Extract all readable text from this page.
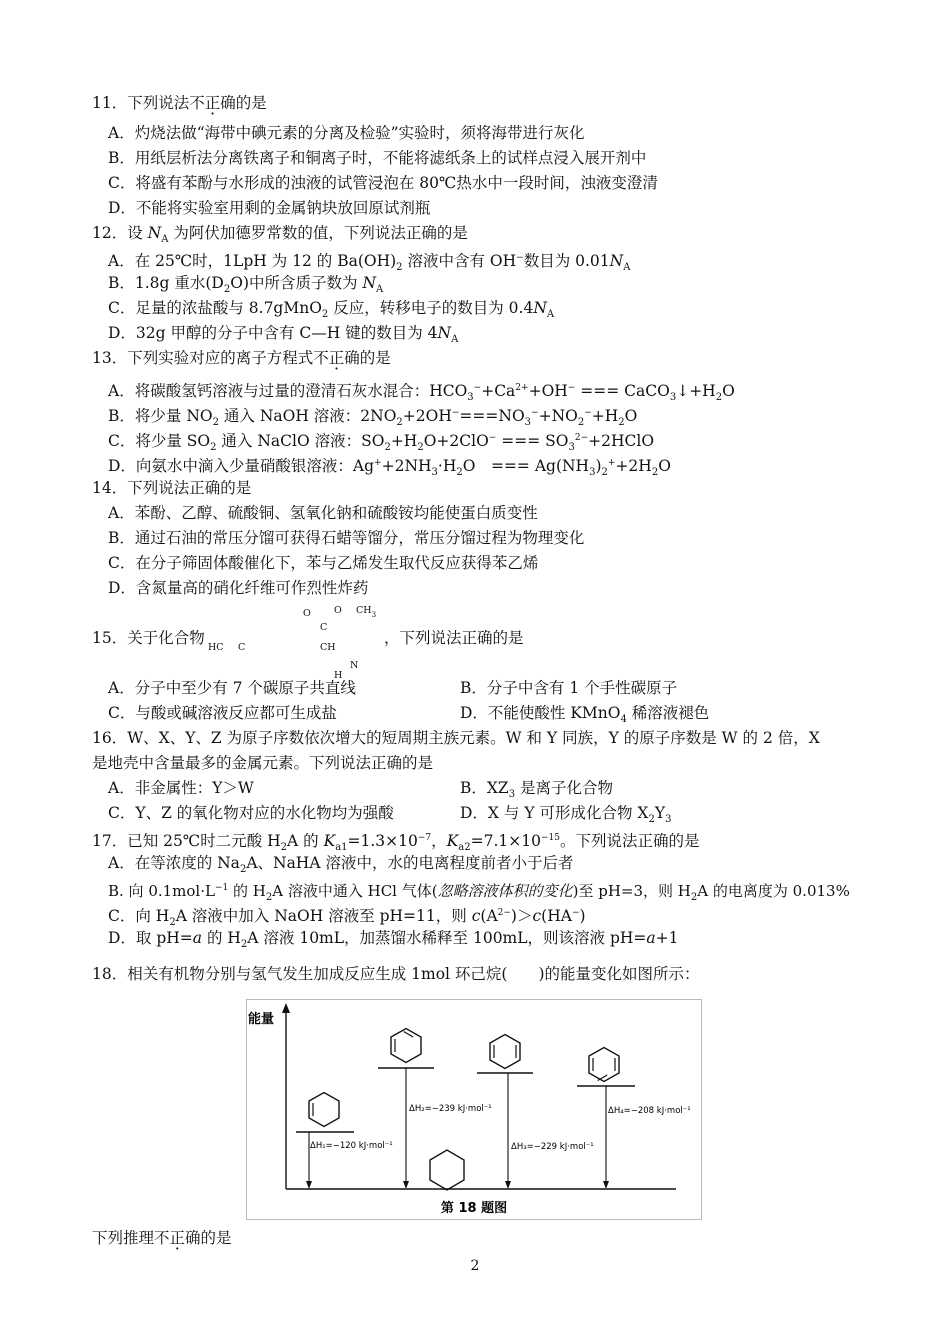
11．下列说法不正确的是
A．灼烧法做“海带中碘元素的分离及检验”实验时，须将海带进行灰化
B．用纸层析法分离铁离子和铜离子时，不能将滤纸条上的试样点浸入展开剂中
C．将盛有苯酚与水形成的浊液的试管浸泡在 80℃热水中一段时间，浊液变澄清
D．不能将实验室用剩的金属钠块放回原试剂瓶
12．设 $N_A$ 为阿伏加德罗常数的值，下列说法正确的是
A．在 25℃时，1LpH 为 12 的 $Ba(OH)_2$ 溶液中含有 OH−数目为 $0.01N_A$
B．1.8g 重水$(D_2O)$中所含质子数为 $N_A$
C．足量的浓盐酸与 8.7gMnO$_2$ 反应，转移电子的数目为 $0.4N_A$
D．32g 甲醇的分子中含有 C—H 键的数目为 $4N_A$
13．下列实验对应的离子方程式不正确的是
A．将碳酸氢钙溶液与过量的澄清石灰水混合：$HCO_3^-+Ca^{2+}+OH^-$ === $CaCO_3↓+H_2O$
B．将少量 $NO_2$ 通入 NaOH 溶液：$2NO_2+2OH^-===NO_3^-+NO_2^-+H_2O$
C．将少量 $SO_2$ 通入 NaClO 溶液：$SO_2+H_2O+2ClO^-$ === $SO_3^{2-}+2HClO$
D．向氨水中滴入少量硝酸银溶液：$Ag^++2NH_3\cdot H_2O$　=== $Ag(NH_3)_2^++2H_2O$
14．下列说法正确的是
A．苯酚、乙醇、硫酸铜、氢氧化钠和硫酸铵均能使蛋白质变性
B．通过石油的常压分馏可获得石蜡等馏分，常压分馏过程为物理变化
C．在分子筛固体酸催化下，苯与乙烯发生取代反应获得苯乙烯
D．含氮量高的硝化纤维可作烈性炸药
15．关于化合物	，下列说法正确的是
HC C
O O $CH_3$
C
CH
H
N
A．分子中至少有 7 个碳原子共直线	B．分子中含有 1 个手性碳原子
C．与酸或碱溶液反应都可生成盐	D．不能使酸性 KMnO$_4$ 稀溶液褪色
16．W、X、Y、Z 为原子序数依次增大的短周期主族元素。W 和 Y 同族，Y 的原子序数是 W 的 2 倍，X
是地壳中含量最多的金属元素。下列说法正确的是
A．非金属性：Y＞W	B．$XZ_3$ 是离子化合物
C．Y、Z 的氧化物对应的水化物均为强酸	D．X 与 Y 可形成化合物 $X_2Y_3$
17．已知 25℃时二元酸 $H_2A$ 的 $K_{a1}=1.3\times 10^{-7}$，$K_{a2}=7.1\times 10^{-15}$。下列说法正确的是
A．在等浓度的 $Na_2A$、NaHA 溶液中，水的电离程度前者小于后者
B. 向 $0.1mol\cdot L^{-1}$ 的 $H_2A$ 溶液中通入 HCl 气体(忽略溶液体积的变化)至 pH=3，则 $H_2A$ 的电离度为 0.013%
C．向 $H_2A$ 溶液中加入 NaOH 溶液至 pH=11，则 $c(A^{2-})>c(HA^-)$
D．取 pH=a 的 $H_2A$ 溶液 10mL，加蒸馏水稀释至 100mL，则该溶液 pH=a+1
18．相关有机物分别与氢气发生加成反应生成 1mol 环己烷(　　)的能量变化如图所示：
能量
ΔH₁=−120 kJ·mol⁻¹
ΔH₂=−239 kJ·mol⁻¹
ΔH₃=−229 kJ·mol⁻¹
ΔH₄=−208 kJ·mol⁻¹
第 18 题图
下列推理不正确的是
2
